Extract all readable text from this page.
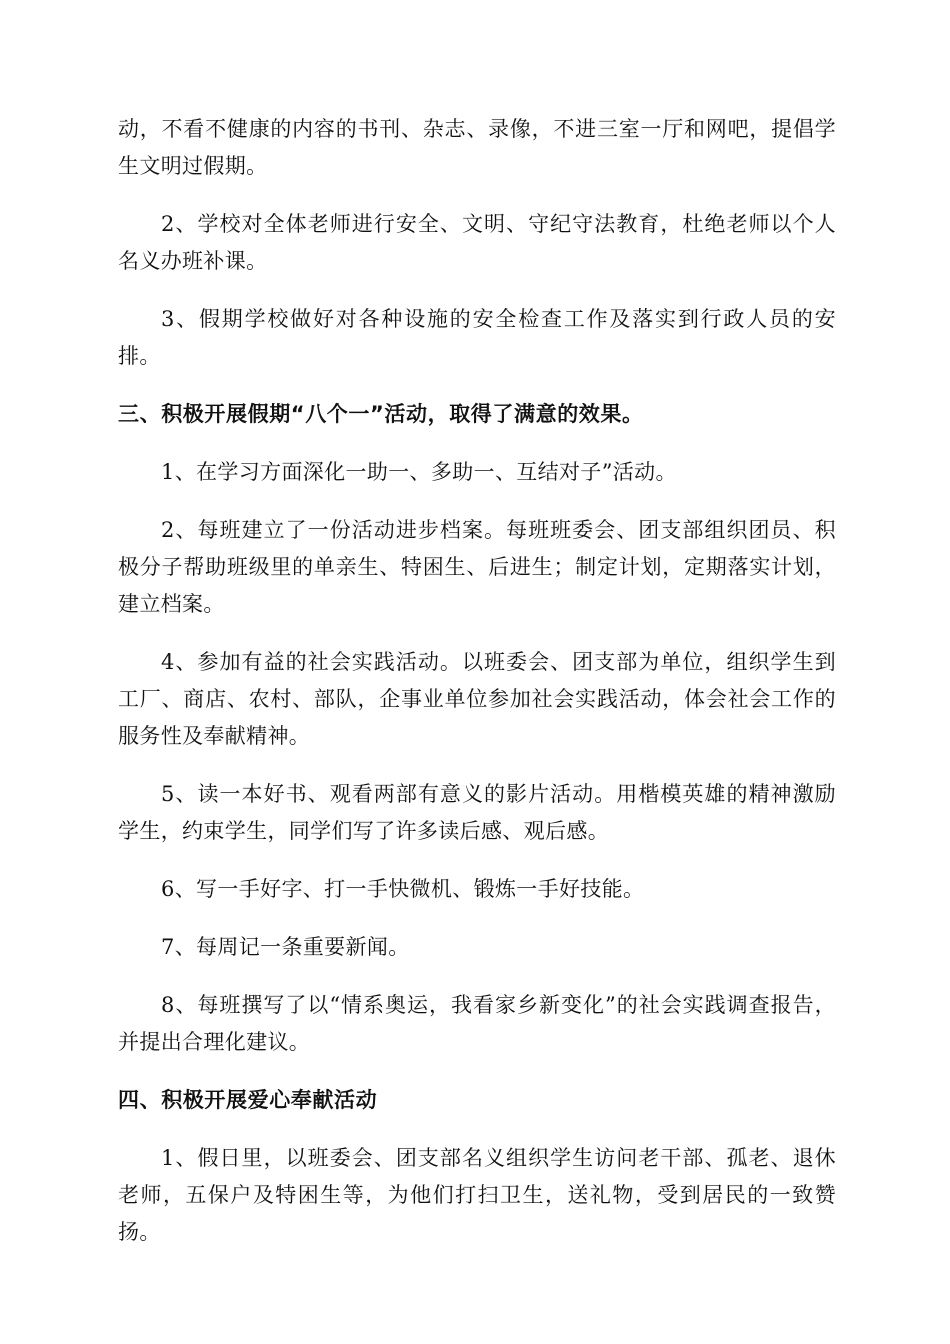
动，不看不健康的内容的书刊、杂志、录像，不进三室一厅和网吧，提倡学生文明过假期。

2、学校对全体老师进行安全、文明、守纪守法教育，杜绝老师以个人名义办班补课。

3、假期学校做好对各种设施的安全检查工作及落实到行政人员的安排。

三、积极开展假期“八个一”活动，取得了满意的效果。

1、在学习方面深化一助一、多助一、互结对子”活动。

2、每班建立了一份活动进步档案。每班班委会、团支部组织团员、积极分子帮助班级里的单亲生、特困生、后进生；制定计划，定期落实计划，建立档案。

4、参加有益的社会实践活动。以班委会、团支部为单位，组织学生到工厂、商店、农村、部队，企事业单位参加社会实践活动，体会社会工作的服务性及奉献精神。

5、读一本好书、观看两部有意义的影片活动。用楷模英雄的精神激励学生，约束学生，同学们写了许多读后感、观后感。

6、写一手好字、打一手快微机、锻炼一手好技能。

7、每周记一条重要新闻。

8、每班撰写了以“情系奥运，我看家乡新变化”的社会实践调查报告，并提出合理化建议。

四、积极开展爱心奉献活动

1、假日里，以班委会、团支部名义组织学生访问老干部、孤老、退休老师，五保户及特困生等，为他们打扫卫生，送礼物，受到居民的一致赞扬。
